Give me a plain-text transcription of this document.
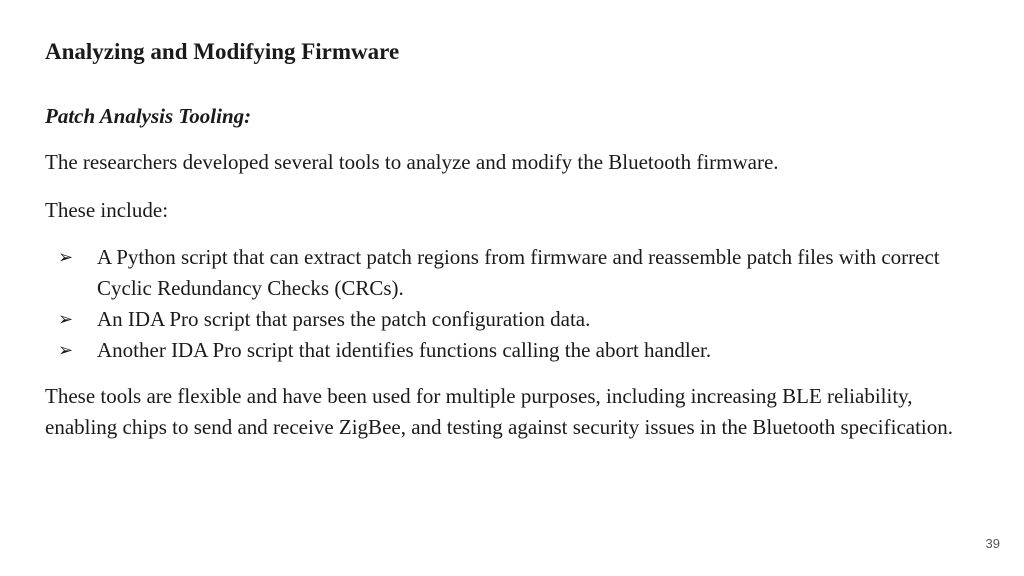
Analyzing and Modifying Firmware
Patch Analysis Tooling:

The researchers developed several tools to analyze and modify the Bluetooth firmware.

These include:

➢	A Python script that can extract patch regions from firmware and reassemble patch files with correct Cyclic Redundancy Checks (CRCs).
➢	An IDA Pro script that parses the patch configuration data.
➢	Another IDA Pro script that identifies functions calling the abort handler.

These tools are flexible and have been used for multiple purposes, including increasing BLE reliability, enabling chips to send and receive ZigBee, and testing against security issues in the Bluetooth specification.

39
